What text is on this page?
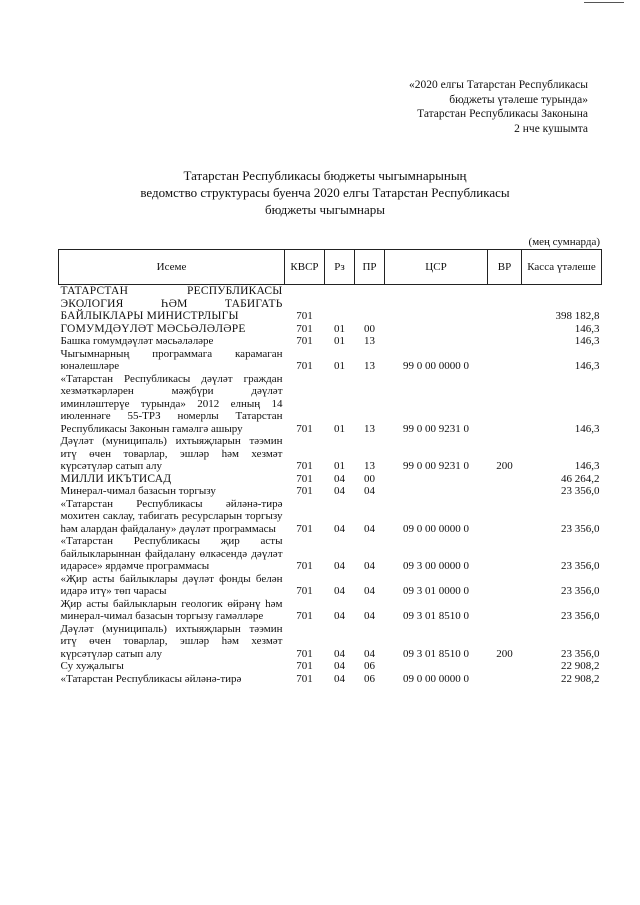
«2020 елгы Татарстан Республикасы
бюджеты үтәлеше турында»
Татарстан Республикасы Законына
2 нче кушымта
Татарстан Республикасы бюджеты чыгымнарының
ведомство структурасы буенча 2020 елгы Татарстан Республикасы
бюджеты чыгымнары
(мең сумнарда)
Исеме	КВСР	Рз	ПР	ЦСР	ВР	Касса үтәлеше
ТАТАРСТАН РЕСПУБЛИКАСЫ ЭКОЛОГИЯ ҺӘМ ТАБИГАТЬ БАЙЛЫКЛАРЫ МИНИСТРЛЫГЫ	701					398 182,8
ГОМУМДӘҮЛӘТ МӘСЬӘЛӘЛӘРЕ	701	01	00			146,3
Башка гомумдәүләт мәсьәләләре	701	01	13			146,3
Чыгымнарның программага карамаган юнәлешләре	701	01	13	99 0 00 0000 0		146,3
«Татарстан Республикасы дәүләт граждан хезмәткәрләрен мәҗбүри дәүләт иминләштерүе турында» 2012 елның 14 июленнәге 55-ТРЗ номерлы Татарстан Республикасы Законын гамәлгә ашыру	701	01	13	99 0 00 9231 0		146,3
Дәүләт (муниципаль) ихтыяҗларын тәэмин итү өчен товарлар, эшләр һәм хезмәт күрсәтүләр сатып алу	701	01	13	99 0 00 9231 0	200	146,3
МИЛЛИ ИКЪТИСАД	701	04	00			46 264,2
Минерал-чимал базасын торгызу	701	04	04			23 356,0
«Татарстан Республикасы әйләнә-тирә мохитен саклау, табигать ресурсларын торгызу һәм алардан файдалану» дәүләт программасы	701	04	04	09 0 00 0000 0		23 356,0
«Татарстан Республикасы җир асты байлыкларыннан файдалану өлкәсендә дәүләт идарәсе» ярдәмче программасы	701	04	04	09 3 00 0000 0		23 356,0
«Җир асты байлыклары дәүләт фонды белән идарә итү» төп чарасы	701	04	04	09 3 01 0000 0		23 356,0
Җир асты байлыкларын геологик өйрәнү һәм минерал-чимал базасын торгызу гамәлләре	701	04	04	09 3 01 8510 0		23 356,0
Дәүләт (муниципаль) ихтыяҗларын тәэмин итү өчен товарлар, эшләр һәм хезмәт күрсәтүләр сатып алу	701	04	04	09 3 01 8510 0	200	23 356,0
Су хуҗалыгы	701	04	06			22 908,2
«Татарстан Республикасы әйләнә-тирә	701	04	06	09 0 00 0000 0		22 908,2
